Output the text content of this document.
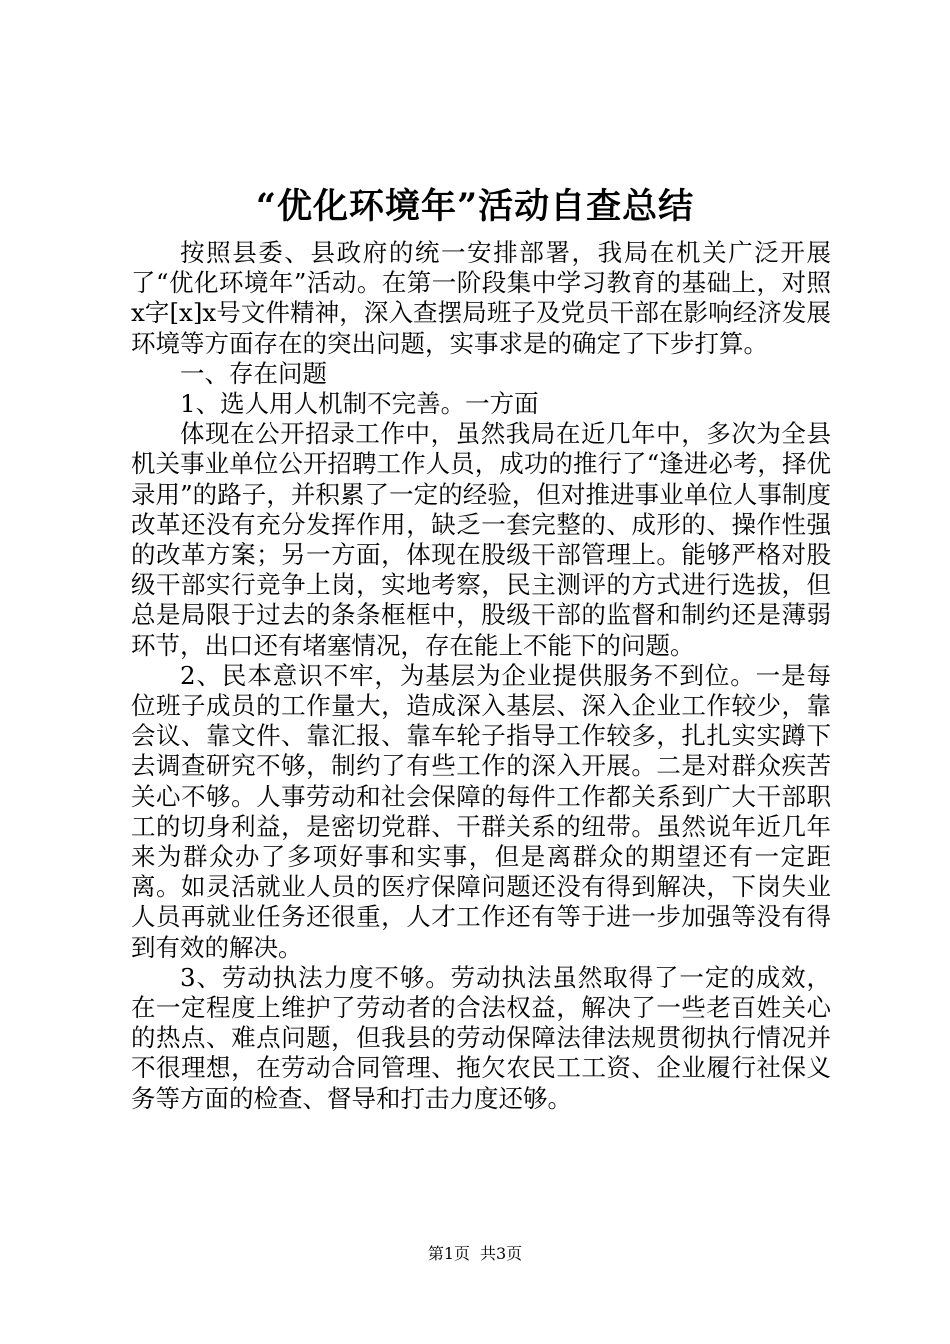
“优化环境年”活动自查总结

按照县委、县政府的统一安排部署，我局在机关广泛开展了“优化环境年”活动。在第一阶段集中学习教育的基础上，对照x字[x]x号文件精神，深入查摆局班子及党员干部在影响经济发展环境等方面存在的突出问题，实事求是的确定了下步打算。

一、存在问题

1、选人用人机制不完善。一方面

体现在公开招录工作中，虽然我局在近几年中，多次为全县机关事业单位公开招聘工作人员，成功的推行了“逢进必考，择优录用”的路子，并积累了一定的经验，但对推进事业单位人事制度改革还没有充分发挥作用，缺乏一套完整的、成形的、操作性强的改革方案；另一方面，体现在股级干部管理上。能够严格对股级干部实行竞争上岗，实地考察，民主测评的方式进行选拔，但总是局限于过去的条条框框中，股级干部的监督和制约还是薄弱环节，出口还有堵塞情况，存在能上不能下的问题。

2、民本意识不牢，为基层为企业提供服务不到位。一是每位班子成员的工作量大，造成深入基层、深入企业工作较少，靠会议、靠文件、靠汇报、靠车轮子指导工作较多，扎扎实实蹲下去调查研究不够，制约了有些工作的深入开展。二是对群众疾苦关心不够。人事劳动和社会保障的每件工作都关系到广大干部职工的切身利益，是密切党群、干群关系的纽带。虽然说年近几年来为群众办了多项好事和实事，但是离群众的期望还有一定距离。如灵活就业人员的医疗保障问题还没有得到解决，下岗失业人员再就业任务还很重，人才工作还有等于进一步加强等没有得到有效的解决。

3、劳动执法力度不够。劳动执法虽然取得了一定的成效，在一定程度上维护了劳动者的合法权益，解决了一些老百姓关心的热点、难点问题，但我县的劳动保障法律法规贯彻执行情况并不很理想，在劳动合同管理、拖欠农民工工资、企业履行社保义务等方面的检查、督导和打击力度还够。

第1页 共3页
